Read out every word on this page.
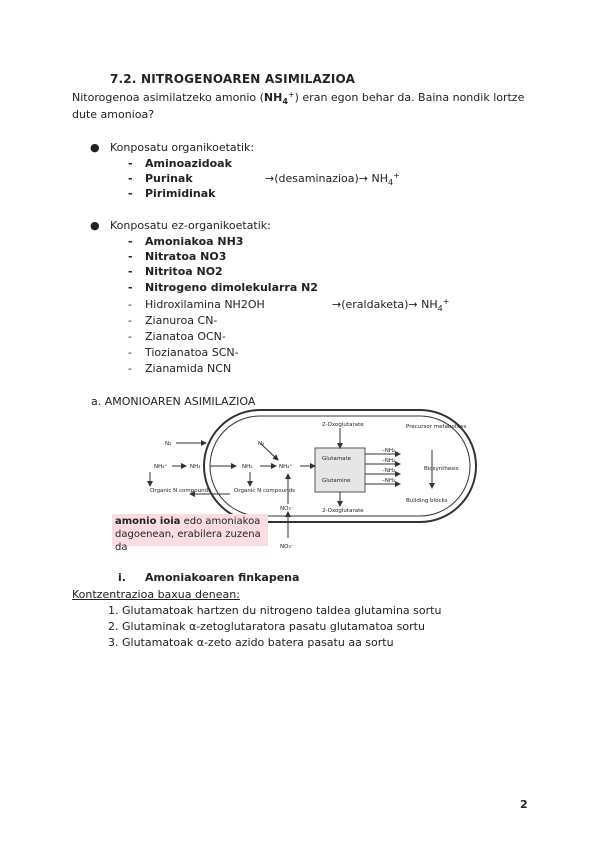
7.2. NITROGENOAREN ASIMILAZIOA
Nitorogenoa asimilatzeko amonio $(NH_4^+)$ eran egon behar da. Baina nondik lortze dute amonioa?
● Konposatu organikoetatik:
- Aminoazidoak
- Purinak	→(desaminazioa)→ $NH_4^+$
- Pirimidinak
● Konposatu ez-organikoetatik:
- Amoniakoa NH3
- Nitratoa NO3
- Nitritoa NO2
- Nitrogeno dimolekularra N2
- Hidroxilamina NH2OH	→(eraldaketa)→ $NH_4^+$
- Zianuroa CN-
- Zianatoa OCN-
- Tiozianatoa SCN-
- Zianamida NCN
a. AMONIOAREN ASIMILAZIOA
N₂	N₂
NH₄⁺	NH₃	NH₃	NH₄⁺
Organic N compounds	Organic N compounds
NO₃⁻
NO₃⁻
2-Oxoglutarate
Glutamate
Glutamine
2-Oxoglutarate
Precursor metabolites
–NH₂
–NH₂
–NH₂
–NH₂
Biosynthesis
Building blocks
amonio ioia edo amoniakoa dagoenean, erabilera zuzena da
i. Amoniakoaren finkapena
Kontzentrazioa baxua denean:
1. Glutamatoak hartzen du nitrogeno taldea glutamina sortu
2. Glutaminak α-zetoglutaratora pasatu glutamatoa sortu
3. Glutamatoak α-zeto azido batera pasatu aa sortu
2
